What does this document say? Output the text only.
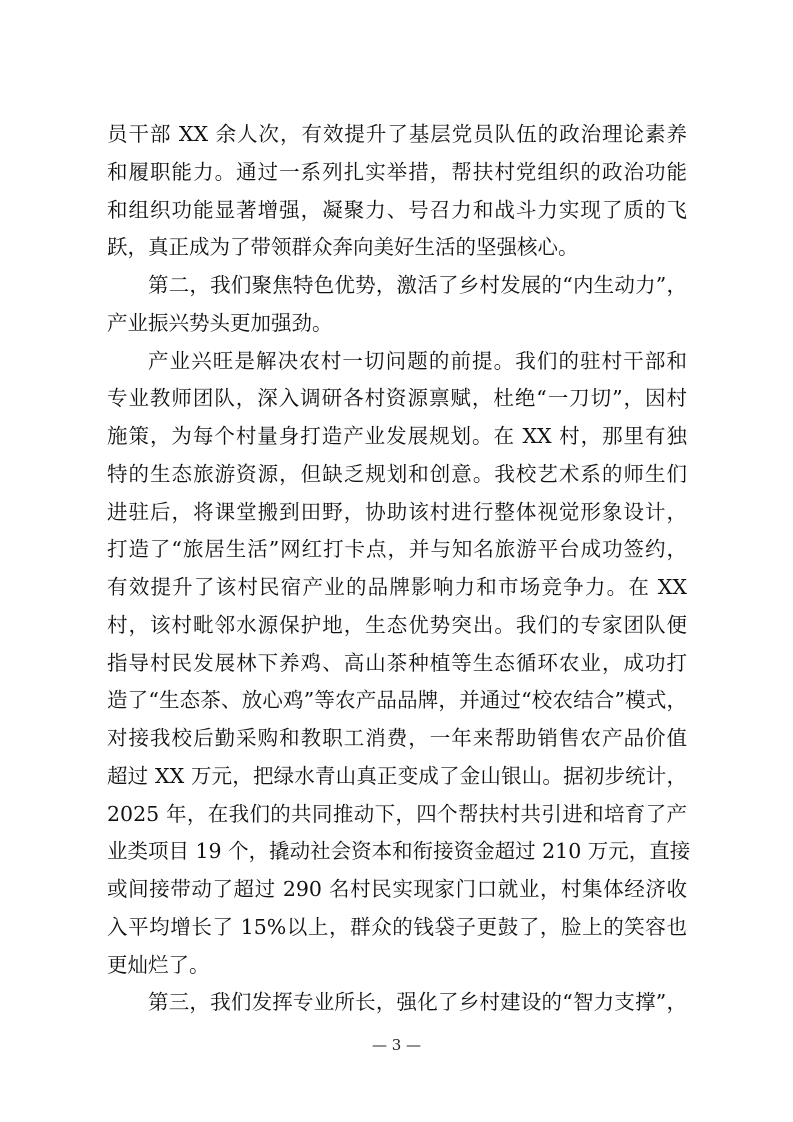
员干部 XX 余人次，有效提升了基层党员队伍的政治理论素养
和履职能力。通过一系列扎实举措，帮扶村党组织的政治功能
和组织功能显著增强，凝聚力、号召力和战斗力实现了质的飞
跃，真正成为了带领群众奔向美好生活的坚强核心。
第二，我们聚焦特色优势，激活了乡村发展的“内生动力”，
产业振兴势头更加强劲。
产业兴旺是解决农村一切问题的前提。我们的驻村干部和
专业教师团队，深入调研各村资源禀赋，杜绝“一刀切”，因村
施策，为每个村量身打造产业发展规划。在 XX 村，那里有独
特的生态旅游资源，但缺乏规划和创意。我校艺术系的师生们
进驻后，将课堂搬到田野，协助该村进行整体视觉形象设计，
打造了“旅居生活”网红打卡点，并与知名旅游平台成功签约，
有效提升了该村民宿产业的品牌影响力和市场竞争力。在 XX
村，该村毗邻水源保护地，生态优势突出。我们的专家团队便
指导村民发展林下养鸡、高山茶种植等生态循环农业，成功打
造了“生态茶、放心鸡”等农产品品牌，并通过“校农结合”模式，
对接我校后勤采购和教职工消费，一年来帮助销售农产品价值
超过 XX 万元，把绿水青山真正变成了金山银山。据初步统计，
2025 年，在我们的共同推动下，四个帮扶村共引进和培育了产
业类项目 19 个，撬动社会资本和衔接资金超过 210 万元，直接
或间接带动了超过 290 名村民实现家门口就业，村集体经济收
入平均增长了 15%以上，群众的钱袋子更鼓了，脸上的笑容也
更灿烂了。
第三，我们发挥专业所长，强化了乡村建设的“智力支撑”，
— 3 —
